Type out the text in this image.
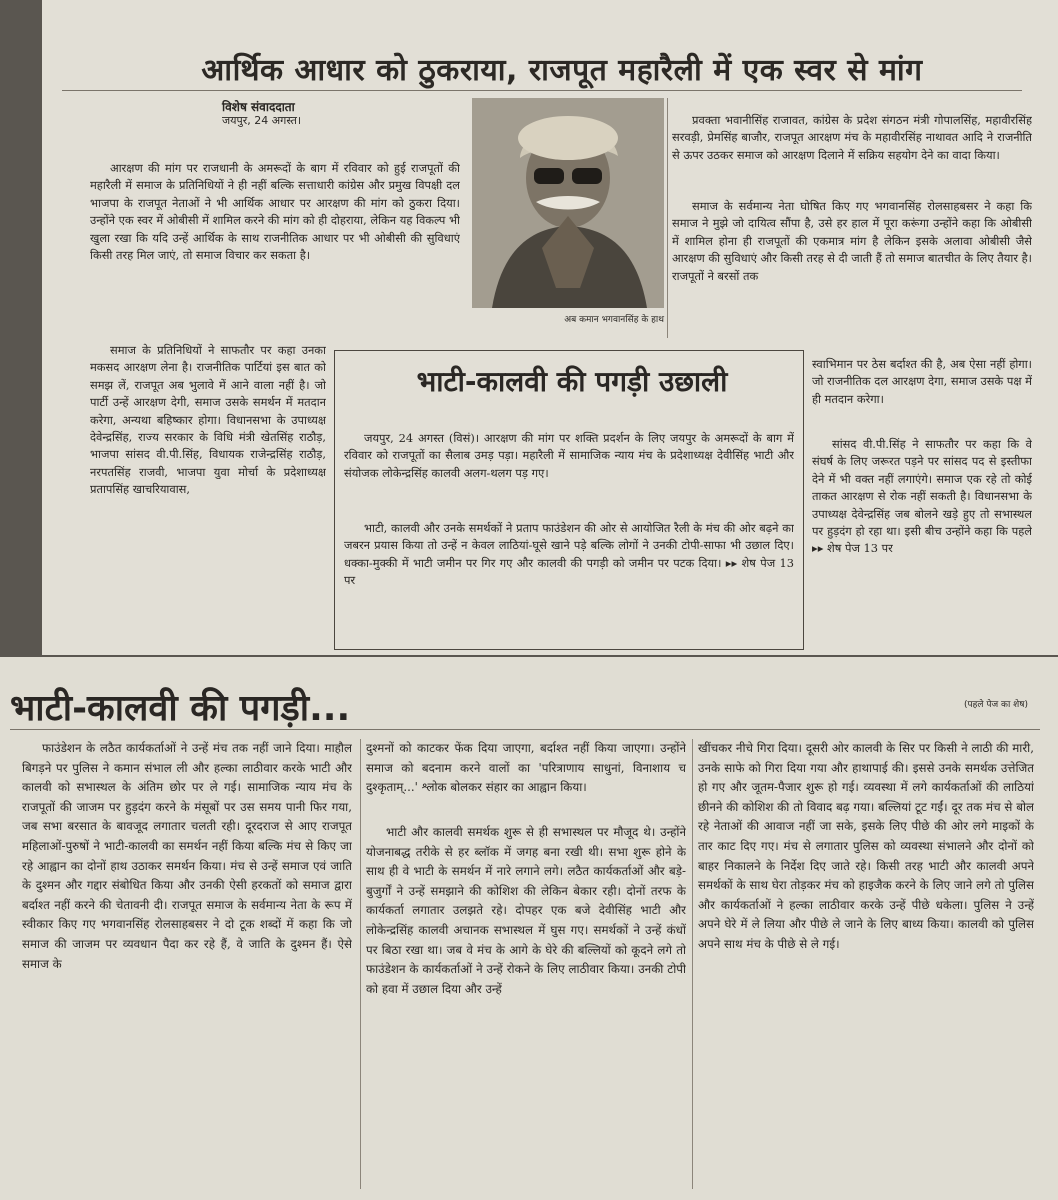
आर्थिक आधार को ठुकराया, राजपूत महारैली में एक स्वर से मांग
विशेष संवाददाता
जयपुर, 24 अगस्त।

आरक्षण की मांग पर राजधानी के अमरूदों के बाग में रविवार को हुई राजपूतों की महारैली में समाज के प्रतिनिधियों ने ही नहीं बल्कि सत्ताधारी कांग्रेस और प्रमुख विपक्षी दल भाजपा के राजपूत नेताओं ने भी आर्थिक आधार पर आरक्षण की मांग को ठुकरा दिया। उन्होंने एक स्वर में ओबीसी में शामिल करने की मांग को ही दोहराया, लेकिन यह विकल्प भी खुला रखा कि यदि उन्हें आर्थिक के साथ राजनीतिक आधार पर भी ओबीसी की सुविधाएं किसी तरह मिल जाएं, तो समाज विचार कर सकता है।

समाज के प्रतिनिधियों ने साफतौर पर कहा उनका मकसद आरक्षण लेना है। राजनीतिक पार्टियां इस बात को समझ लें, राजपूत अब भुलावे में आने वाला नहीं है। जो पार्टी उन्हें आरक्षण देगी, समाज उसके समर्थन में मतदान करेगा, अन्यथा बहिष्कार होगा। विधानसभा के उपाध्यक्ष देवेन्द्रसिंह, राज्य सरकार के विधि मंत्री खेतसिंह राठौड़, भाजपा सांसद वी.पी.सिंह, विधायक राजेन्द्रसिंह राठौड़, नरपतसिंह राजवी, भाजपा युवा मोर्चा के प्रदेशाध्यक्ष प्रतापसिंह खाचरियावास,

अब कमान भगवानसिंह के हाथ

प्रवक्ता भवानीसिंह राजावत, कांग्रेस के प्रदेश संगठन मंत्री गोपालसिंह, महावीरसिंह सरवड़ी, प्रेमसिंह बाजौर, राजपूत आरक्षण मंच के महावीरसिंह नाथावत आदि ने राजनीति से ऊपर उठकर समाज को आरक्षण दिलाने में सक्रिय सहयोग देने का वादा किया।

समाज के सर्वमान्य नेता घोषित किए गए भगवानसिंह रोलसाहबसर ने कहा कि समाज ने मुझे जो दायित्व सौंपा है, उसे हर हाल में पूरा करूंगा उन्होंने कहा कि ओबीसी में शामिल होना ही राजपूतों की एकमात्र मांग है लेकिन इसके अलावा ओबीसी जैसे आरक्षण की सुविधाएं और किसी तरह से दी जाती हैं तो समाज बातचीत के लिए तैयार है। राजपूतों ने बरसों तक

स्वाभिमान पर ठेस बर्दाश्त की है, अब ऐसा नहीं होगा। जो राजनीतिक दल आरक्षण देगा, समाज उसके पक्ष में ही मतदान करेगा।

सांसद वी.पी.सिंह ने साफतौर पर कहा कि वे संघर्ष के लिए जरूरत पड़ने पर सांसद पद से इस्तीफा देने में भी वक्त नहीं लगाएंगे। समाज एक रहे तो कोई ताकत आरक्षण से रोक नहीं सकती है। विधानसभा के उपाध्यक्ष देवेन्द्रसिंह जब बोलने खड़े हुए तो सभास्थल पर हुड़दंग हो रहा था। इसी बीच उन्होंने कहा कि पहले ▸▸ शेष पेज 13 पर

भाटी-कालवी की पगड़ी उछाली

जयपुर, 24 अगस्त (विसं)। आरक्षण की मांग पर शक्ति प्रदर्शन के लिए जयपुर के अमरूदों के बाग में रविवार को राजपूतों का सैलाब उमड़ पड़ा। महारैली में सामाजिक न्याय मंच के प्रदेशाध्यक्ष देवीसिंह भाटी और संयोजक लोकेन्द्रसिंह कालवी अलग-थलग पड़ गए।

भाटी, कालवी और उनके समर्थकों ने प्रताप फाउंडेशन की ओर से आयोजित रैली के मंच की ओर बढ़ने का जबरन प्रयास किया तो उन्हें न केवल लाठियां-घूसे खाने पड़े बल्कि लोगों ने उनकी टोपी-साफा भी उछाल दिए। धक्का-मुक्की में भाटी जमीन पर गिर गए और कालवी की पगड़ी को जमीन पर पटक दिया। ▸▸ शेष पेज 13 पर

भाटी-कालवी की पगड़ी...	(पहले पेज का शेष)

फाउंडेशन के लठैत कार्यकर्ताओं ने उन्हें मंच तक नहीं जाने दिया। माहौल बिगड़ने पर पुलिस ने कमान संभाल ली और हल्का लाठीवार करके भाटी और कालवी को सभास्थल के अंतिम छोर पर ले गई। सामाजिक न्याय मंच के राजपूतों की जाजम पर हुड़दंग करने के मंसूबों पर उस समय पानी फिर गया, जब सभा बरसात के बावजूद लगातार चलती रही। दूरदराज से आए राजपूत महिलाओं-पुरुषों ने भाटी-कालवी का समर्थन नहीं किया बल्कि मंच से किए जा रहे आह्वान का दोनों हाथ उठाकर समर्थन किया। मंच से उन्हें समाज एवं जाति के दुश्मन और गद्दार संबोधित किया और उनकी ऐसी हरकतों को समाज द्वारा बर्दाश्त नहीं करने की चेतावनी दी। राजपूत समाज के सर्वमान्य नेता के रूप में स्वीकार किए गए भगवानसिंह रोलसाहबसर ने दो टूक शब्दों में कहा कि जो समाज की जाजम पर व्यवधान पैदा कर रहे हैं, वे जाति के दुश्मन हैं। ऐसे समाज के

दुश्मनों को काटकर फेंक दिया जाएगा, बर्दाश्त नहीं किया जाएगा। उन्होंने समाज को बदनाम करने वालों का 'परित्राणाय साधुनां, विनाशाय च दुश्कृताम्...' श्लोक बोलकर संहार का आह्वान किया।

भाटी और कालवी समर्थक शुरू से ही सभास्थल पर मौजूद थे। उन्होंने योजनाबद्ध तरीके से हर ब्लॉक में जगह बना रखी थी। सभा शुरू होने के साथ ही वे भाटी के समर्थन में नारे लगाने लगे। लठैत कार्यकर्ताओं और बड़े-बुजुर्गों ने उन्हें समझाने की कोशिश की लेकिन बेकार रही। दोनों तरफ के कार्यकर्ता लगातार उलझते रहे। दोपहर एक बजे देवीसिंह भाटी और लोकेन्द्रसिंह कालवी अचानक सभास्थल में घुस गए। समर्थकों ने उन्हें कंधों पर बिठा रखा था। जब वे मंच के आगे के घेरे की बल्लियों को कूदने लगे तो फाउंडेशन के कार्यकर्ताओं ने उन्हें रोकने के लिए लाठीवार किया। उनकी टोपी को हवा में उछाल दिया और उन्हें

खींचकर नीचे गिरा दिया। दूसरी ओर कालवी के सिर पर किसी ने लाठी की मारी, उनके साफे को गिरा दिया गया और हाथापाई की। इससे उनके समर्थक उत्तेजित हो गए और जूतम-पैजार शुरू हो गई। व्यवस्था में लगे कार्यकर्ताओं की लाठियां छीनने की कोशिश की तो विवाद बढ़ गया। बल्लियां टूट गईं। दूर तक मंच से बोल रहे नेताओं की आवाज नहीं जा सके, इसके लिए पीछे की ओर लगे माइकों के तार काट दिए गए। मंच से लगातार पुलिस को व्यवस्था संभालने और दोनों को बाहर निकालने के निर्देश दिए जाते रहे। किसी तरह भाटी और कालवी अपने समर्थकों के साथ घेरा तोड़कर मंच को हाइजैक करने के लिए जाने लगे तो पुलिस और कार्यकर्ताओं ने हल्का लाठीवार करके उन्हें पीछे धकेला। पुलिस ने उन्हें अपने घेरे में ले लिया और पीछे ले जाने के लिए बाध्य किया। कालवी को पुलिस अपने साथ मंच के पीछे से ले गई।
